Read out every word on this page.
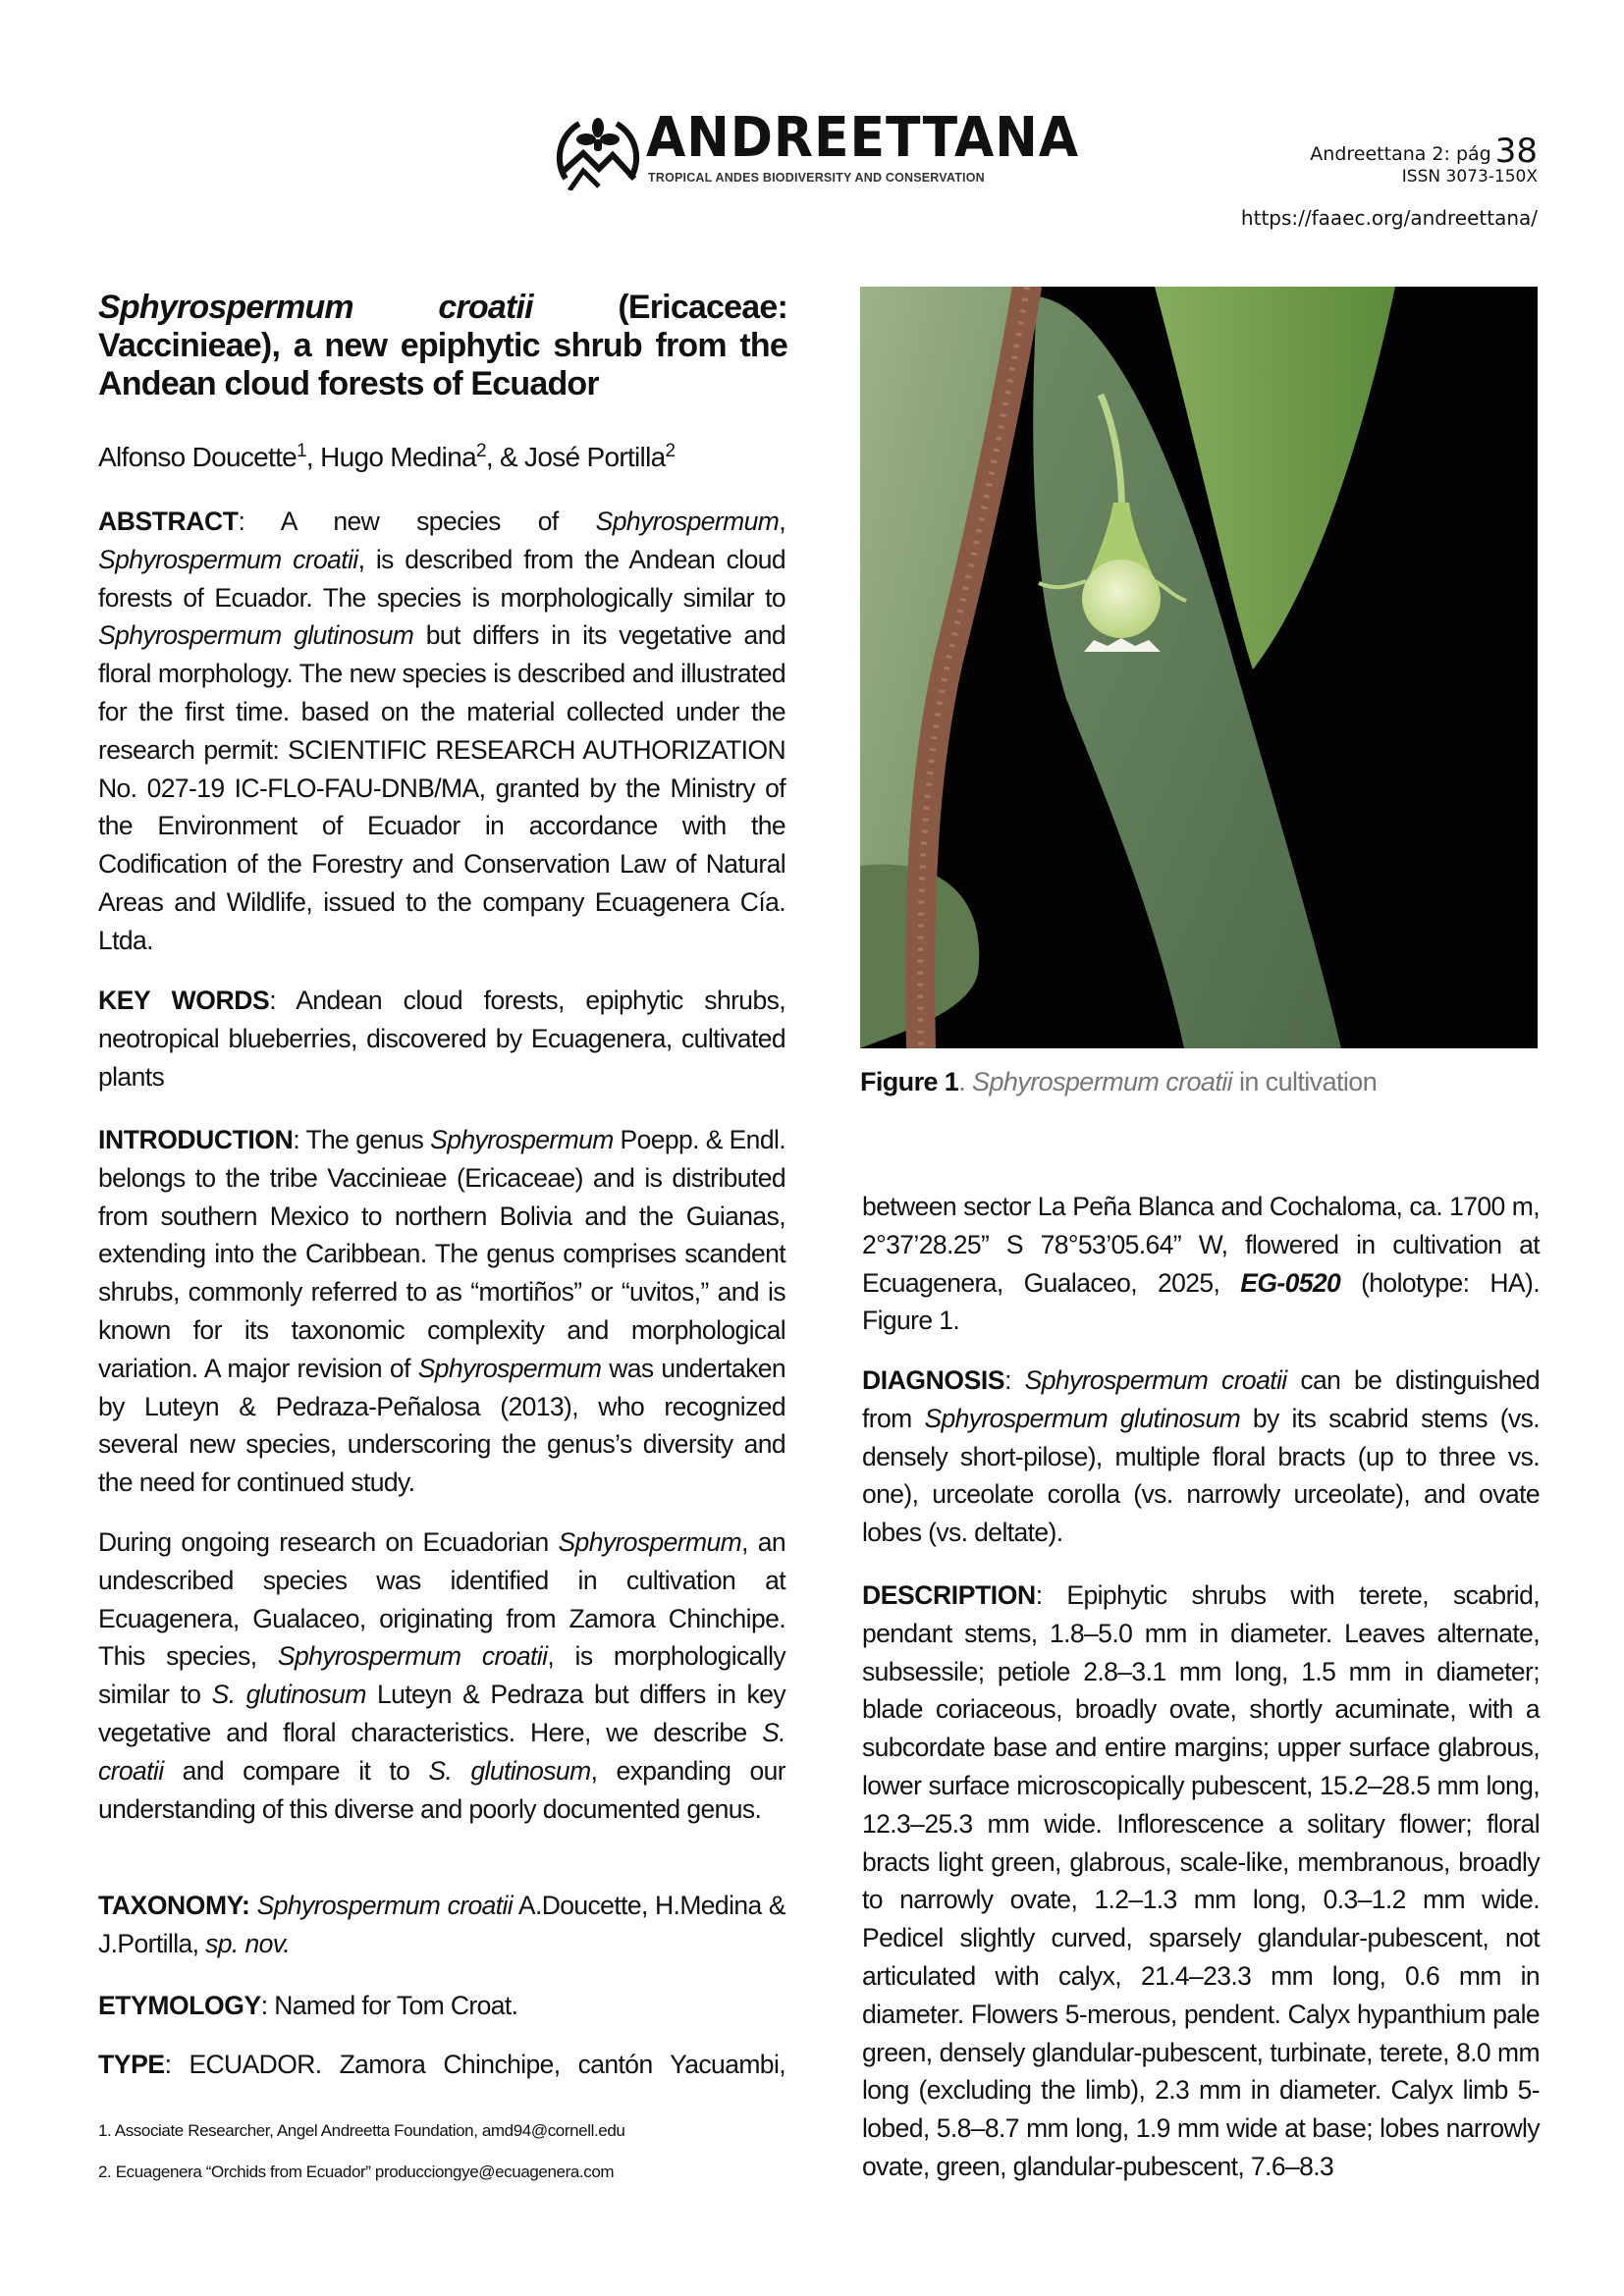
ANDREETTANA
TROPICAL ANDES BIODIVERSITY AND CONSERVATION
Andreettana 2: pág 38
ISSN 3073-150X
https://faaec.org/andreettana/
Sphyrospermum croatii (Ericaceae: Vaccinieae), a new epiphytic shrub from the Andean cloud forests of Ecuador
Alfonso Doucette$^1$, Hugo Medina$^2$, & José Portilla$^2$

ABSTRACT: A new species of Sphyrospermum, Sphyrospermum croatii, is described from the Andean cloud forests of Ecuador. The species is morphologically similar to Sphyrospermum glutinosum but differs in its vegetative and floral morphology. The new species is described and illustrated for the first time. based on the material collected under the research permit: SCIENTIFIC RESEARCH AUTHORIZATION No. 027-19 IC-FLO-FAU-DNB/MA, granted by the Ministry of the Environment of Ecuador in accordance with the Codification of the Forestry and Conservation Law of Natural Areas and Wildlife, issued to the company Ecuagenera Cía. Ltda.

KEY WORDS: Andean cloud forests, epiphytic shrubs, neotropical blueberries, discovered by Ecuagenera, cultivated plants

INTRODUCTION: The genus Sphyrospermum Poepp. & Endl. belongs to the tribe Vaccinieae (Ericaceae) and is distributed from southern Mexico to northern Bolivia and the Guianas, extending into the Caribbean. The genus comprises scandent shrubs, commonly referred to as “mortiños” or “uvitos,” and is known for its taxonomic complexity and morphological variation. A major revision of Sphyrospermum was undertaken by Luteyn & Pedraza-Peñalosa (2013), who recognized several new species, underscoring the genus’s diversity and the need for continued study.

During ongoing research on Ecuadorian Sphyrospermum, an undescribed species was identified in cultivation at Ecuagenera, Gualaceo, originating from Zamora Chinchipe. This species, Sphyrospermum croatii, is morphologically similar to S. glutinosum Luteyn & Pedraza but differs in key vegetative and floral characteristics. Here, we describe S. croatii and compare it to S. glutinosum, expanding our understanding of this diverse and poorly documented genus.

TAXONOMY: Sphyrospermum croatii A.Doucette, H.Medina & J.Portilla, sp. nov.

ETYMOLOGY: Named for Tom Croat.

TYPE: ECUADOR. Zamora Chinchipe, cantón Yacuambi,

1. Associate Researcher, Angel Andreetta Foundation, amd94@cornell.edu
2. Ecuagenera “Orchids from Ecuador” producciongye@ecuagenera.com
Figure 1. Sphyrospermum croatii in cultivation

between sector La Peña Blanca and Cochaloma, ca. 1700 m, 2°37’28.25” S 78°53’05.64” W, flowered in cultivation at Ecuagenera, Gualaceo, 2025, EG-0520 (holotype: HA). Figure 1.

DIAGNOSIS: Sphyrospermum croatii can be distinguished from Sphyrospermum glutinosum by its scabrid stems (vs. densely short-pilose), multiple floral bracts (up to three vs. one), urceolate corolla (vs. narrowly urceolate), and ovate lobes (vs. deltate).

DESCRIPTION: Epiphytic shrubs with terete, scabrid, pendant stems, 1.8–5.0 mm in diameter. Leaves alternate, subsessile; petiole 2.8–3.1 mm long, 1.5 mm in diameter; blade coriaceous, broadly ovate, shortly acuminate, with a subcordate base and entire margins; upper surface glabrous, lower surface microscopically pubescent, 15.2–28.5 mm long, 12.3–25.3 mm wide. Inflorescence a solitary flower; floral bracts light green, glabrous, scale-like, membranous, broadly to narrowly ovate, 1.2–1.3 mm long, 0.3–1.2 mm wide. Pedicel slightly curved, sparsely glandular-pubescent, not articulated with calyx, 21.4–23.3 mm long, 0.6 mm in diameter. Flowers 5-merous, pendent. Calyx hypanthium pale green, densely glandular-pubescent, turbinate, terete, 8.0 mm long (excluding the limb), 2.3 mm in diameter. Calyx limb 5-lobed, 5.8–8.7 mm long, 1.9 mm wide at base; lobes narrowly ovate, green, glandular-pubescent, 7.6–8.3
